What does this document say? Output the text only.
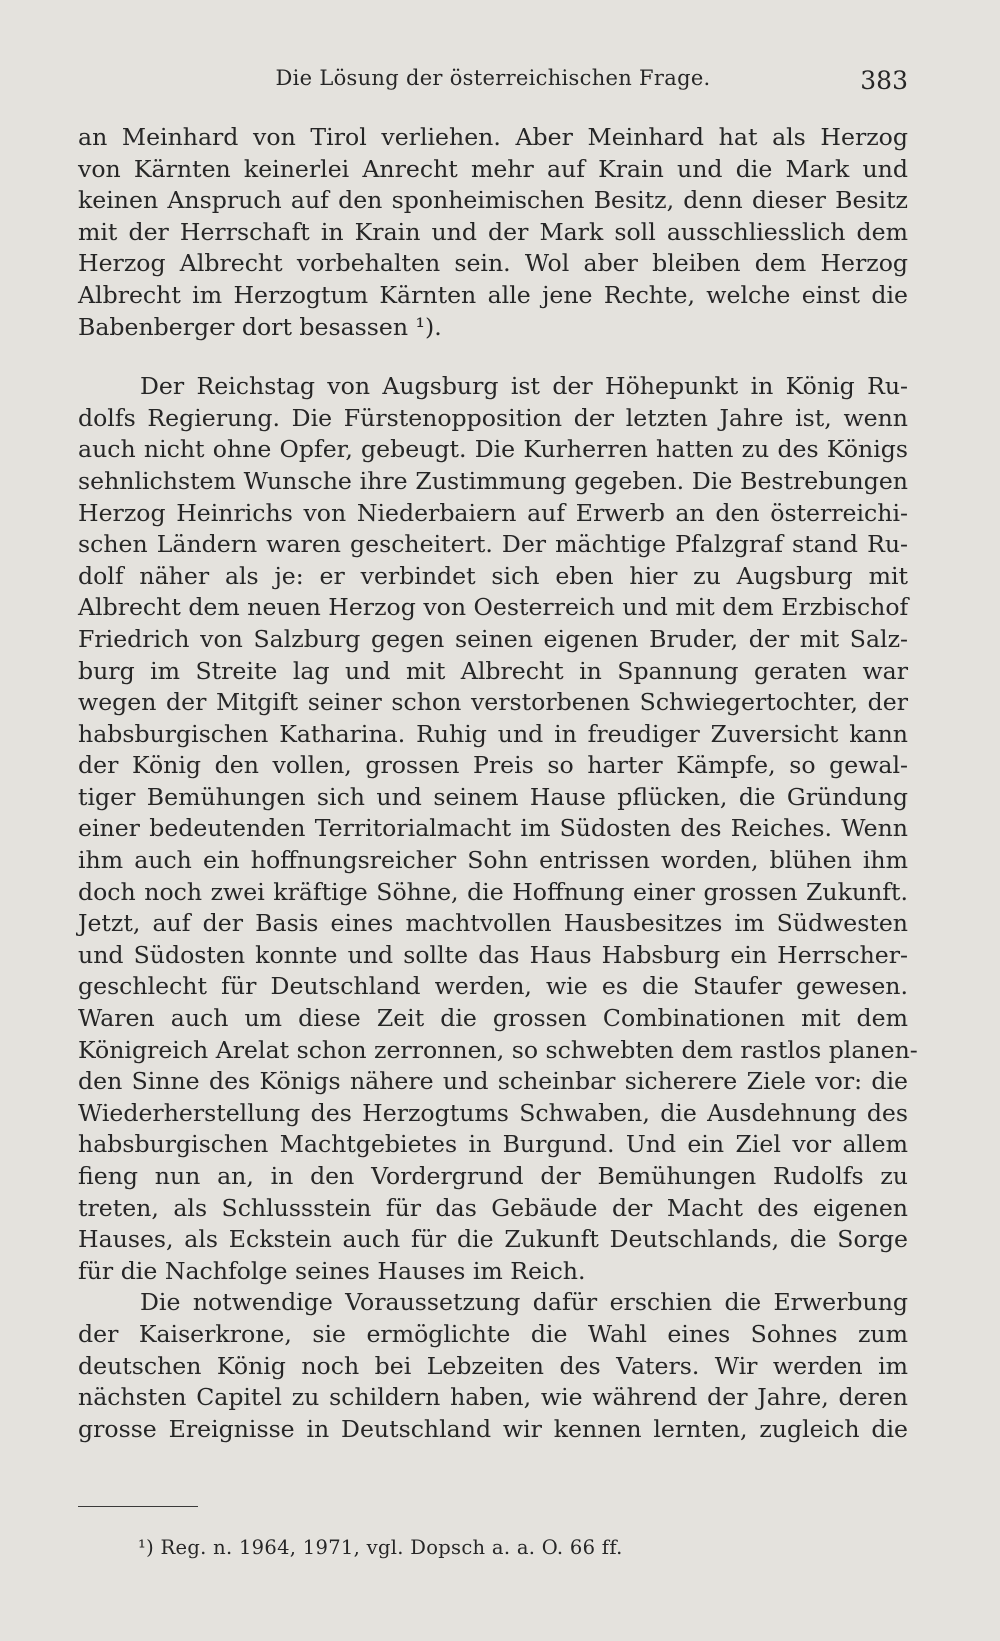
Die Lösung der österreichischen Frage.	383
an Meinhard von Tirol verliehen. Aber Meinhard hat als Herzog
von Kärnten keinerlei Anrecht mehr auf Krain und die Mark und
keinen Anspruch auf den sponheimischen Besitz, denn dieser Besitz
mit der Herrschaft in Krain und der Mark soll ausschliesslich dem
Herzog Albrecht vorbehalten sein. Wol aber bleiben dem Herzog
Albrecht im Herzogtum Kärnten alle jene Rechte, welche einst die
Babenberger dort besassen ¹).
Der Reichstag von Augsburg ist der Höhepunkt in König Ru-
dolfs Regierung. Die Fürstenopposition der letzten Jahre ist, wenn
auch nicht ohne Opfer, gebeugt. Die Kurherren hatten zu des Königs
sehnlichstem Wunsche ihre Zustimmung gegeben. Die Bestrebungen
Herzog Heinrichs von Niederbaiern auf Erwerb an den österreichi-
schen Ländern waren gescheitert. Der mächtige Pfalzgraf stand Ru-
dolf näher als je: er verbindet sich eben hier zu Augsburg mit
Albrecht dem neuen Herzog von Oesterreich und mit dem Erzbischof
Friedrich von Salzburg gegen seinen eigenen Bruder, der mit Salz-
burg im Streite lag und mit Albrecht in Spannung geraten war
wegen der Mitgift seiner schon verstorbenen Schwiegertochter, der
habsburgischen Katharina. Ruhig und in freudiger Zuversicht kann
der König den vollen, grossen Preis so harter Kämpfe, so gewal-
tiger Bemühungen sich und seinem Hause pflücken, die Gründung
einer bedeutenden Territorialmacht im Südosten des Reiches. Wenn
ihm auch ein hoffnungsreicher Sohn entrissen worden, blühen ihm
doch noch zwei kräftige Söhne, die Hoffnung einer grossen Zukunft.
Jetzt, auf der Basis eines machtvollen Hausbesitzes im Südwesten
und Südosten konnte und sollte das Haus Habsburg ein Herrscher-
geschlecht für Deutschland werden, wie es die Staufer gewesen.
Waren auch um diese Zeit die grossen Combinationen mit dem
Königreich Arelat schon zerronnen, so schwebten dem rastlos planen-
den Sinne des Königs nähere und scheinbar sicherere Ziele vor: die
Wiederherstellung des Herzogtums Schwaben, die Ausdehnung des
habsburgischen Machtgebietes in Burgund. Und ein Ziel vor allem
fieng nun an, in den Vordergrund der Bemühungen Rudolfs zu
treten, als Schlussstein für das Gebäude der Macht des eigenen
Hauses, als Eckstein auch für die Zukunft Deutschlands, die Sorge
für die Nachfolge seines Hauses im Reich.
Die notwendige Voraussetzung dafür erschien die Erwerbung
der Kaiserkrone, sie ermöglichte die Wahl eines Sohnes zum
deutschen König noch bei Lebzeiten des Vaters. Wir werden im
nächsten Capitel zu schildern haben, wie während der Jahre, deren
grosse Ereignisse in Deutschland wir kennen lernten, zugleich die
¹) Reg. n. 1964, 1971, vgl. Dopsch a. a. O. 66 ff.
